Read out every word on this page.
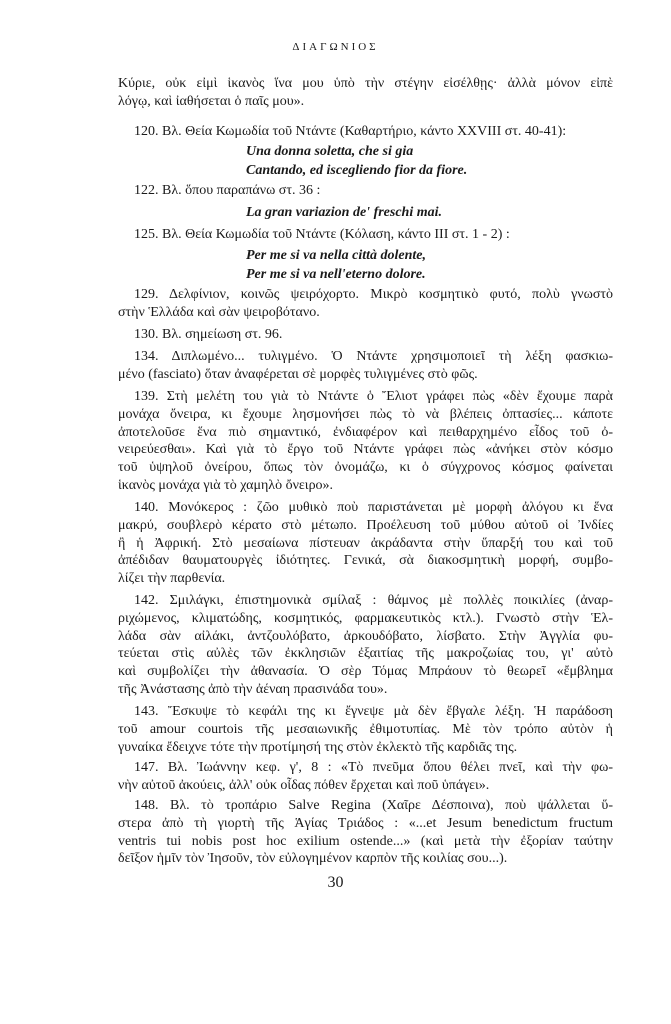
ΔΙΑΓΩΝΙΟΣ
Κύριε, οὐκ εἰμὶ ἱκανὸς ἵνα μου ὑπὸ τὴν στέγην εἰσέλθῃς· ἀλλὰ μόνον εἰπὲ
λόγῳ, καὶ ἰαθήσεται ὁ παῖς μου».
120. Βλ. Θεία Κωμωδία τοῦ Ντάντε (Καθαρτήριο, κάντο XXVIII στ. 40-41):
Una donna soletta, che si gia
Cantando, ed iscegliendo fior da fiore.
122. Βλ. ὅπου παραπάνω στ. 36 :
La gran variazion de' freschi mai.
125. Βλ. Θεία Κωμωδία τοῦ Ντάντε (Κόλαση, κάντο III στ. 1 - 2) :
Per me si va nella città dolente,
Per me si va nell'eterno dolore.
129. Δελφίνιον, κοινῶς ψειρόχορτο. Μικρὸ κοσμητικὸ φυτό, πολὺ γνωστὸ
στὴν Ἑλλάδα καὶ σὰν ψειροβότανο.
130. Βλ. σημείωση στ. 96.
134. Διπλωμένο... τυλιγμένο. Ὁ Ντάντε χρησιμοποιεῖ τὴ λέξη φασκιω-
μένο (fasciato) ὅταν ἀναφέρεται σὲ μορφὲς τυλιγμένες στὸ φῶς.
139. Στὴ μελέτη του γιὰ τὸ Ντάντε ὁ Ἔλιοτ γράφει πὼς «δὲν ἔχουμε παρὰ
μονάχα ὄνειρα, κι ἔχουμε λησμονήσει πὼς τὸ νὰ βλέπεις ὀπτασίες... κάποτε
ἀποτελοῦσε ἕνα πιὸ σημαντικό, ἐνδιαφέρον καὶ πειθαρχημένο εἶδος τοῦ ὀ-
νειρεύεσθαι». Καὶ γιὰ τὸ ἔργο τοῦ Ντάντε γράφει πὼς «ἀνήκει στὸν κόσμο
τοῦ ὑψηλοῦ ὀνείρου, ὅπως τὸν ὀνομάζω, κι ὁ σύγχρονος κόσμος φαίνεται
ἱκανὸς μονάχα γιὰ τὸ χαμηλὸ ὄνειρο».
140. Μονόκερος : ζῶο μυθικὸ ποὺ παριστάνεται μὲ μορφὴ ἀλόγου κι ἕνα
μακρύ, σουβλερὸ κέρατο στὸ μέτωπο. Προέλευση τοῦ μύθου αὐτοῦ οἱ Ἰνδίες
ἢ ἡ Ἀφρική. Στὸ μεσαίωνα πίστευαν ἀκράδαντα στὴν ὕπαρξή του καὶ τοῦ
ἀπέδιδαν θαυματουργὲς ἰδιότητες. Γενικά, σὰ διακοσμητικὴ μορφή, συμβο-
λίζει τὴν παρθενία.
142. Σμιλάγκι, ἐπιστημονικὰ σμίλαξ : θάμνος μὲ πολλὲς ποικιλίες (ἀναρ-
ριχώμενος, κλιματώδης, κοσμητικός, φαρμακευτικὸς κτλ.). Γνωστὸ στὴν Ἑλ-
λάδα σὰν αἰλάκι, ἀντζουλόβατο, ἀρκουδόβατο, λίσβατο. Στὴν Ἀγγλία φυ-
τεύεται στὶς αὐλὲς τῶν ἐκκλησιῶν ἐξαιτίας τῆς μακροζωίας του, γι' αὐτὸ
καὶ συμβολίζει τὴν ἀθανασία. Ὁ σὲρ Τόμας Μπράουν τὸ θεωρεῖ «ἔμβλημα
τῆς Ἀνάστασης ἀπὸ τὴν ἀέναη πρασινάδα του».
143. Ἔσκυψε τὸ κεφάλι της κι ἔγνεψε μὰ δὲν ἔβγαλε λέξη. Ἡ παράδοση
τοῦ amour courtois τῆς μεσαιωνικῆς ἐθιμοτυπίας. Μὲ τὸν τρόπο αὐτὸν ἡ
γυναίκα ἔδειχνε τότε τὴν προτίμησή της στὸν ἐκλεκτὸ τῆς καρδιᾶς της.
147. Βλ. Ἰωάννην κεφ. γ', 8 : «Τὸ πνεῦμα ὅπου θέλει πνεῖ, καὶ τὴν φω-
νὴν αὐτοῦ ἀκούεις, ἀλλ' οὐκ οἶδας πόθεν ἔρχεται καὶ ποῦ ὑπάγει».
148. Βλ. τὸ τροπάριο Salve Regina (Χαῖρε Δέσποινα), ποὺ ψάλλεται ὕ-
στερα ἀπὸ τὴ γιορτὴ τῆς Ἁγίας Τριάδος : «...et Jesum benedictum fructum
ventris tui nobis post hoc exilium ostende...» (καὶ μετὰ τὴν ἐξορίαν ταύτην
δεῖξον ἡμῖν τὸν Ἰησοῦν, τὸν εὐλογημένον καρπὸν τῆς κοιλίας σου...).
30
